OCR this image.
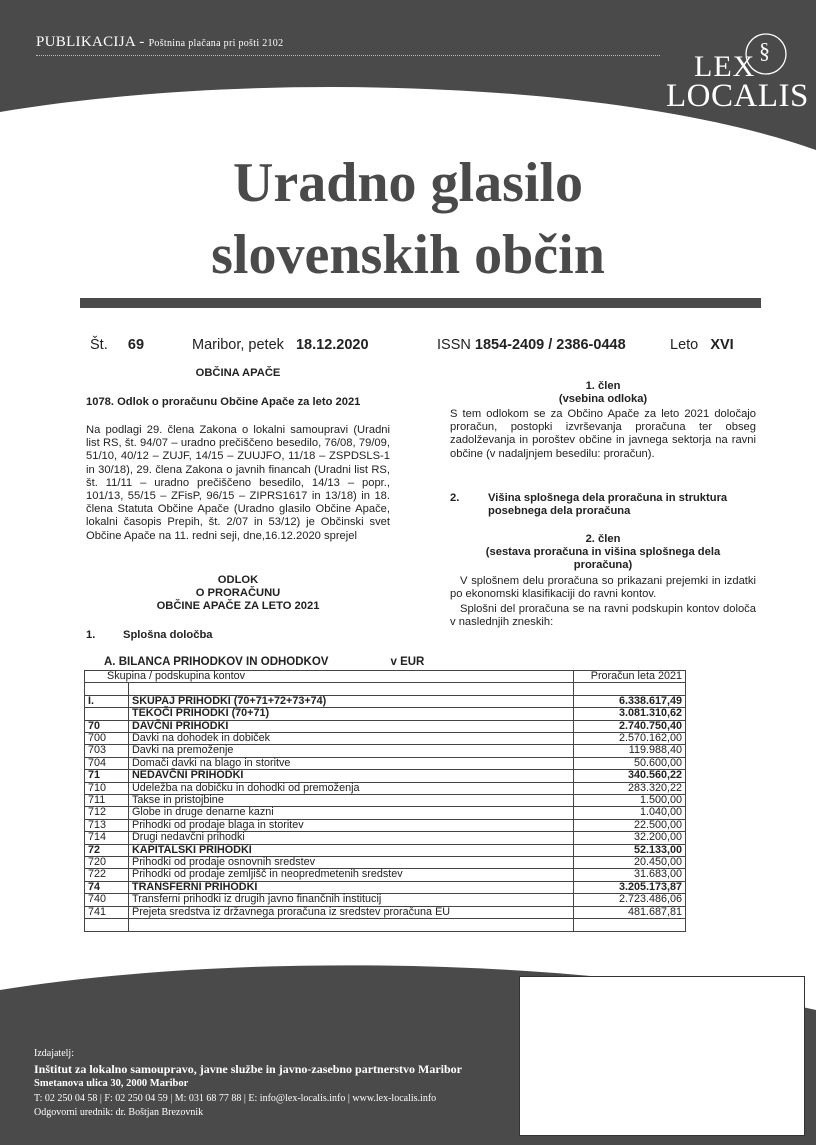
PUBLIKACIJA - Poštnina plačana pri pošti 2102	§
LEX
LOCALIS
Uradno glasilo
slovenskih občin
Št. 69	Maribor, petek 18.12.2020	ISSN 1854-2409 / 2386-0448	Leto XVI
OBČINA APAČE
1078. Odlok o proračunu Občine Apače za leto 2021
Na podlagi 29. člena Zakona o lokalni samoupravi (Uradni list RS, št. 94/07 – uradno prečiščeno besedilo, 76/08, 79/09, 51/10, 40/12 – ZUJF, 14/15 – ZUUJFO, 11/18 – ZSPDSLS-1 in 30/18), 29. člena Zakona o javnih financah (Uradni list RS, št. 11/11 – uradno prečiščeno besedilo, 14/13 – popr., 101/13, 55/15 – ZFisP, 96/15 – ZIPRS1617 in 13/18) in 18. člena Statuta Občine Apače (Uradno glasilo Občine Apače, lokalni časopis Prepih, št. 2/07 in 53/12) je Občinski svet Občine Apače na 11. redni seji, dne,16.12.2020 sprejel
ODLOK
O PRORAČUNU
OBČINE APAČE ZA LETO 2021
1. Splošna določba
1. člen
(vsebina odloka)
S tem odlokom se za Občino Apače za leto 2021 določajo proračun, postopki izvrševanja proračuna ter obseg zadolževanja in poroštev občine in javnega sektorja na ravni občine (v nadaljnjem besedilu: proračun).
2.	Višina splošnega dela proračuna in struktura posebnega dela proračuna
2. člen
(sestava proračuna in višina splošnega dela proračuna)
V splošnem delu proračuna so prikazani prejemki in izdatki po ekonomski klasifikaciji do ravni kontov.
Splošni del proračuna se na ravni podskupin kontov določa v naslednjih zneskih:
A. BILANCA PRIHODKOV IN ODHODKOV	v EUR
Skupina / podskupina kontov		Proračun leta 2021

I.	SKUPAJ PRIHODKI (70+71+72+73+74)	6.338.617,49
	TEKOČI PRIHODKI (70+71)	3.081.310,62
70	DAVČNI PRIHODKI	2.740.750,40
700	Davki na dohodek in dobiček	2.570.162,00
703	Davki na premoženje	119.988,40
704	Domači davki na blago in storitve	50.600,00
71	NEDAVČNI PRIHODKI	340.560,22
710	Udeležba na dobičku in dohodki od premoženja	283.320,22
711	Takse in pristojbine	1.500,00
712	Globe in druge denarne kazni	1.040,00
713	Prihodki od prodaje blaga in storitev	22.500,00
714	Drugi nedavčni prihodki	32.200,00
72	KAPITALSKI PRIHODKI	52.133,00
720	Prihodki od prodaje osnovnih sredstev	20.450,00
722	Prihodki od prodaje zemljišč in neopredmetenih sredstev	31.683,00
74	TRANSFERNI PRIHODKI	3.205.173,87
740	Transferni prihodki iz drugih javno finančnih institucij	2.723.486,06
741	Prejeta sredstva iz državnega proračuna iz sredstev proračuna EU	481.687,81

Izdajatelj:
Inštitut za lokalno samoupravo, javne službe in javno-zasebno partnerstvo Maribor
Smetanova ulica 30, 2000 Maribor
T: 02 250 04 58 | F: 02 250 04 59 | M: 031 68 77 88 | E: info@lex-localis.info | www.lex-localis.info
Odgovorni urednik: dr. Boštjan Brezovnik
